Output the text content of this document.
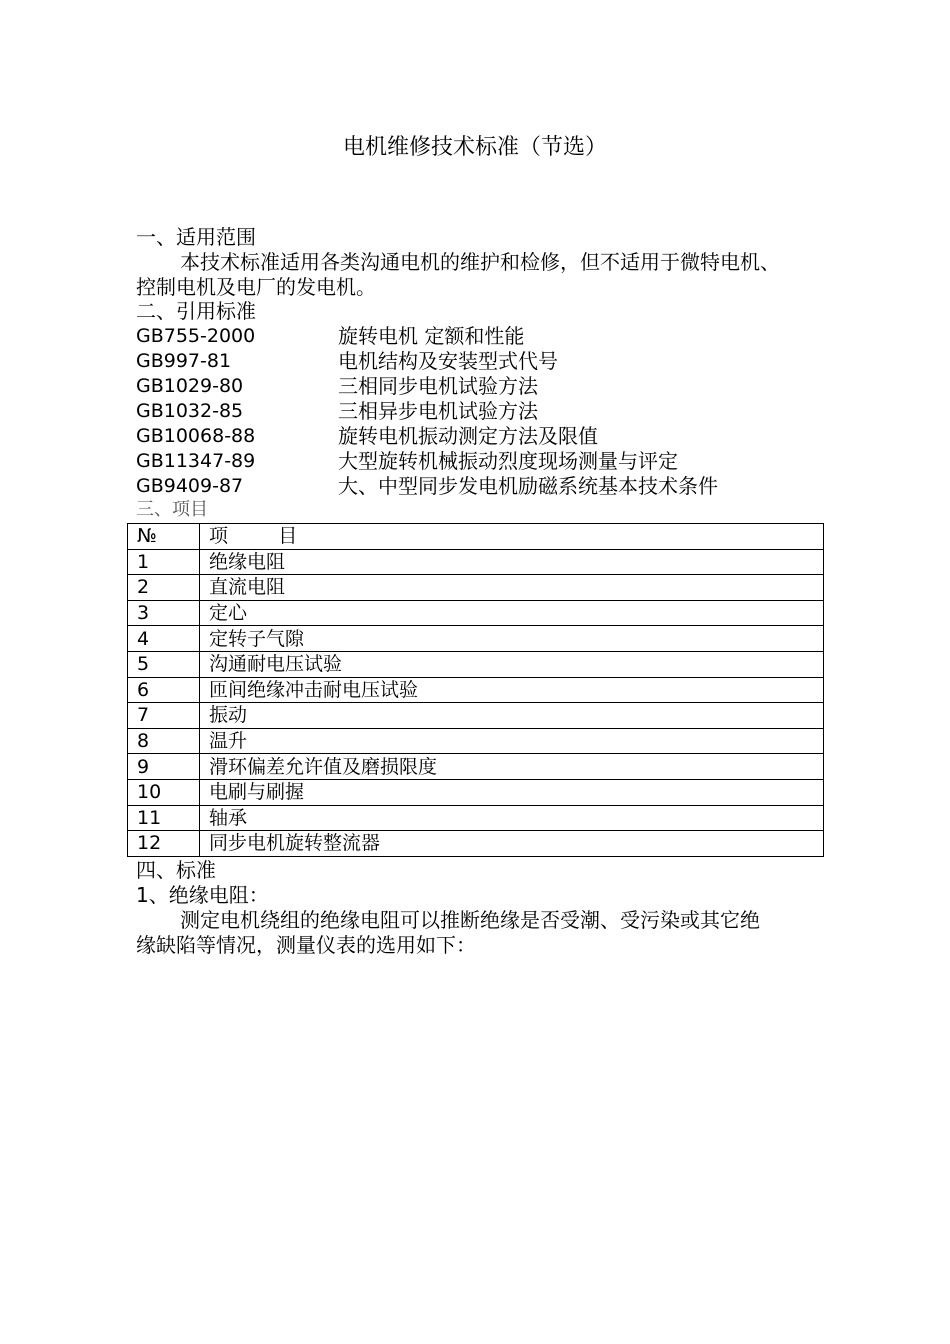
电机维修技术标准（节选）

一、适用范围

本技术标准适用各类沟通电机的维护和检修，但不适用于微特电机、

控制电机及电厂的发电机。

二、引用标准

GB755-2000	旋转电机 定额和性能
GB997-81	电机结构及安装型式代号
GB1029-80	三相同步电机试验方法
GB1032-85	三相异步电机试验方法
GB10068-88	旋转电机振动测定方法及限值
GB11347-89	大型旋转机械振动烈度现场测量与评定
GB9409-87	大、中型同步发电机励磁系统基本技术条件

三、项目

№	项      目
1	绝缘电阻
2	直流电阻
3	定心
4	定转子气隙
5	沟通耐电压试验
6	匝间绝缘冲击耐电压试验
7	振动
8	温升
9	滑环偏差允许值及磨损限度
10	电刷与刷握
11	轴承
12	同步电机旋转整流器

四、标准

1、绝缘电阻：

测定电机绕组的绝缘电阻可以推断绝缘是否受潮、受污染或其它绝

缘缺陷等情况，测量仪表的选用如下：
